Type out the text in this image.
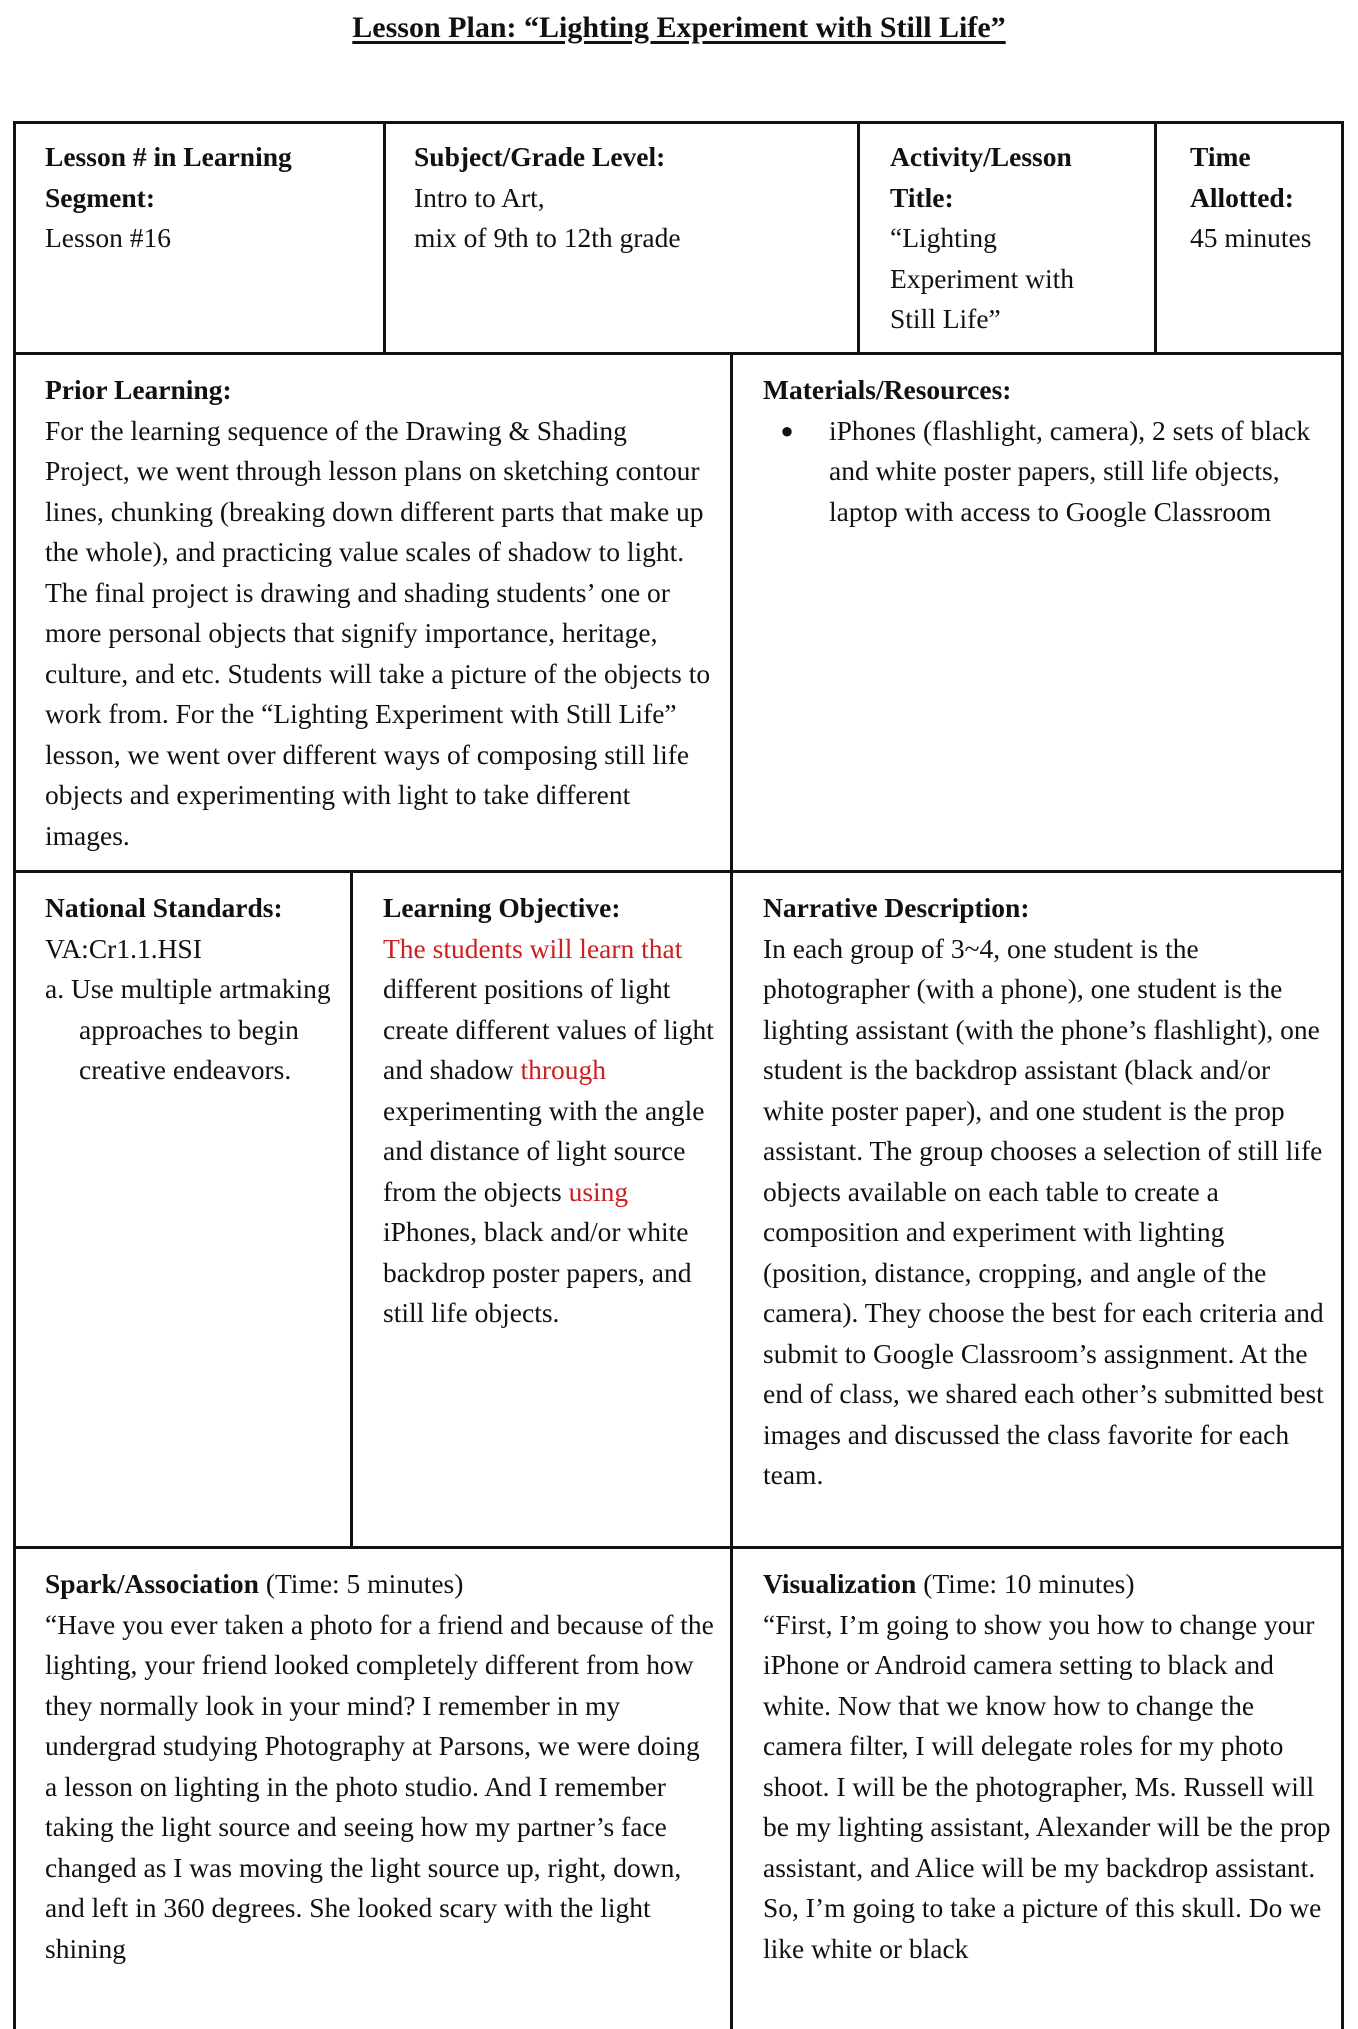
Lesson Plan: “Lighting Experiment with Still Life”
Lesson # in Learning
Segment:
Lesson #16
Subject/Grade Level:
Intro to Art,
mix of 9th to 12th grade
Activity/Lesson
Title:
“Lighting
Experiment with
Still Life”
Time
Allotted:
45 minutes
Prior Learning:

For the learning sequence of the Drawing & Shading Project, we went through lesson plans on sketching contour lines, chunking (breaking down different parts that make up the whole), and practicing value scales of shadow to light. The final project is drawing and shading students’ one or more personal objects that signify importance, heritage, culture, and etc. Students will take a picture of the objects to work from. For the “Lighting Experiment with Still Life” lesson, we went over different ways of composing still life objects and experimenting with light to take different images.

Materials/Resources:
●	iPhones (flashlight, camera), 2 sets of black and white poster papers, still life objects, laptop with access to Google Classroom

National Standards:
VA:Cr1.1.HSI
a. Use multiple artmaking approaches to begin creative endeavors.
Learning Objective:

The students will learn that different positions of light create different values of light and shadow through experimenting with the angle and distance of light source from the objects using iPhones, black and/or white backdrop poster papers, and still life objects.

Narrative Description:

In each group of 3~4, one student is the photographer (with a phone), one student is the lighting assistant (with the phone’s flashlight), one student is the backdrop assistant (black and/or white poster paper), and one student is the prop assistant. The group chooses a selection of still life objects available on each table to create a composition and experiment with lighting (position, distance, cropping, and angle of the camera). They choose the best for each criteria and submit to Google Classroom’s assignment. At the end of class, we shared each other’s submitted best images and discussed the class favorite for each team.

Spark/Association (Time: 5 minutes)

“Have you ever taken a photo for a friend and because of the lighting, your friend looked completely different from how they normally look in your mind? I remember in my undergrad studying Photography at Parsons, we were doing a lesson on lighting in the photo studio. And I remember taking the light source and seeing how my partner’s face changed as I was moving the light source up, right, down, and left in 360 degrees. She looked scary with the light shining

Visualization (Time: 10 minutes)

“First, I’m going to show you how to change your iPhone or Android camera setting to black and white. Now that we know how to change the camera filter, I will delegate roles for my photo shoot. I will be the photographer, Ms. Russell will be my lighting assistant, Alexander will be the prop assistant, and Alice will be my backdrop assistant. So, I’m going to take a picture of this skull. Do we like white or black
